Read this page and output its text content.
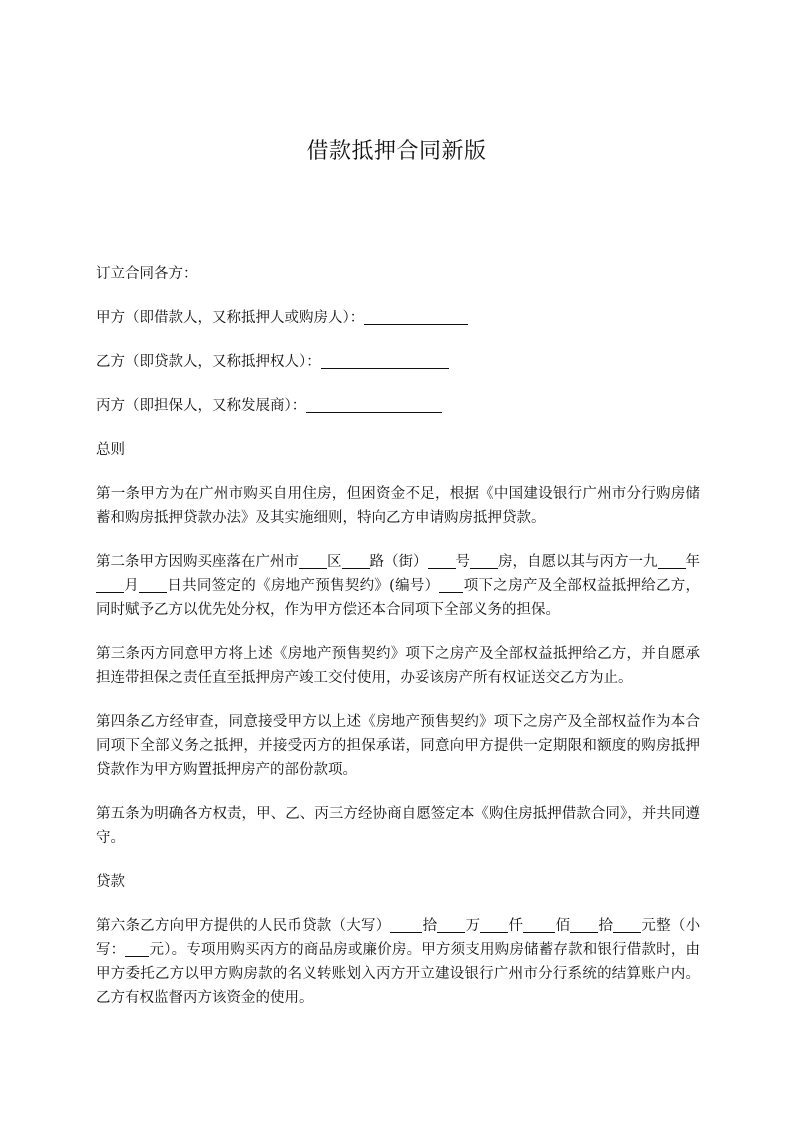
借款抵押合同新版

订立合同各方：

甲方（即借款人，又称抵押人或购房人）：

乙方（即贷款人，又称抵押权人）：

丙方（即担保人，又称发展商）：

总则

第一条甲方为在广州市购买自用住房，但困资金不足，根据《中国建设银行广州市分行购房储蓄和购房抵押贷款办法》及其实施细则，特向乙方申请购房抵押贷款。

第二条甲方因购买座落在广州市 区 路（街） 号 房，自愿以其与丙方一九 年月 日共同签定的《房地产预售契约》(编号） 项下之房产及全部权益抵押给乙方，同时赋予乙方以优先处分权，作为甲方偿还本合同项下全部义务的担保。

第三条丙方同意甲方将上述《房地产预售契约》项下之房产及全部权益抵押给乙方，并自愿承担连带担保之责任直至抵押房产竣工交付使用，办妥该房产所有权证送交乙方为止。

第四条乙方经审查，同意接受甲方以上述《房地产预售契约》项下之房产及全部权益作为本合同项下全部义务之抵押，并接受丙方的担保承诺，同意向甲方提供一定期限和额度的购房抵押贷款作为甲方购置抵押房产的部份款项。

第五条为明确各方权责，甲、乙、丙三方经协商自愿签定本《购住房抵押借款合同》，并共同遵守。

贷款

第六条乙方向甲方提供的人民币贷款（大写） 拾 万 仟 佰 拾 元整（小写： 元）。专项用购买丙方的商品房或廉价房。甲方须支用购房储蓄存款和银行借款时，由甲方委托乙方以甲方购房款的名义转账划入丙方开立建设银行广州市分行系统的结算账户内。乙方有权监督丙方该资金的使用。
